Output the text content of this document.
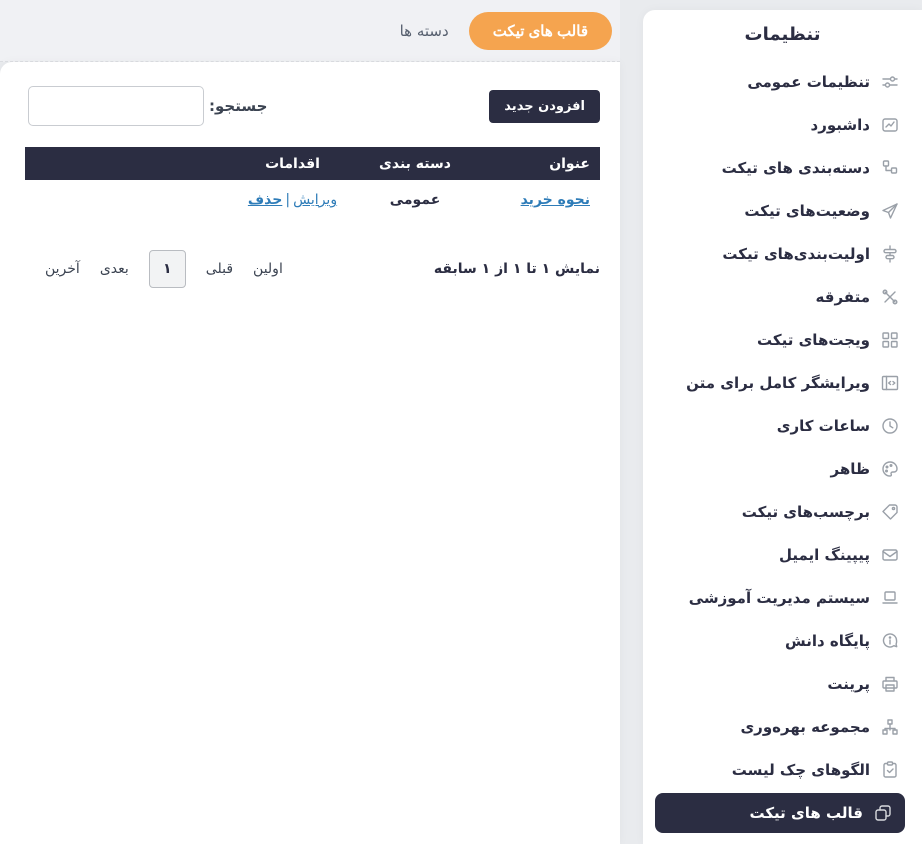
قالب های تیکت
دسته ها
افزودن جدید
جستجو:
عنوان
دسته بندی
اقدامات
نحوه خرید
عمومی
ویرایش|حذف
نمایش ۱ تا ۱ از ۱ سابقه
اولین
قبلی
۱
بعدی
آخرین
تنظیمات
تنظیمات عمومی
داشبورد
دسته‌بندی های تیکت
وضعیت‌های تیکت
اولیت‌بندی‌های تیکت
متفرقه
ویجت‌های تیکت
ویرایشگر کامل برای متن
ساعات کاری
ظاهر
برچسب‌های تیکت
پیپینگ ایمیل
سیستم مدیریت آموزشی
پایگاه دانش
پرینت
مجموعه بهره‌وری
الگوهای چک لیست
قالب های تیکت
